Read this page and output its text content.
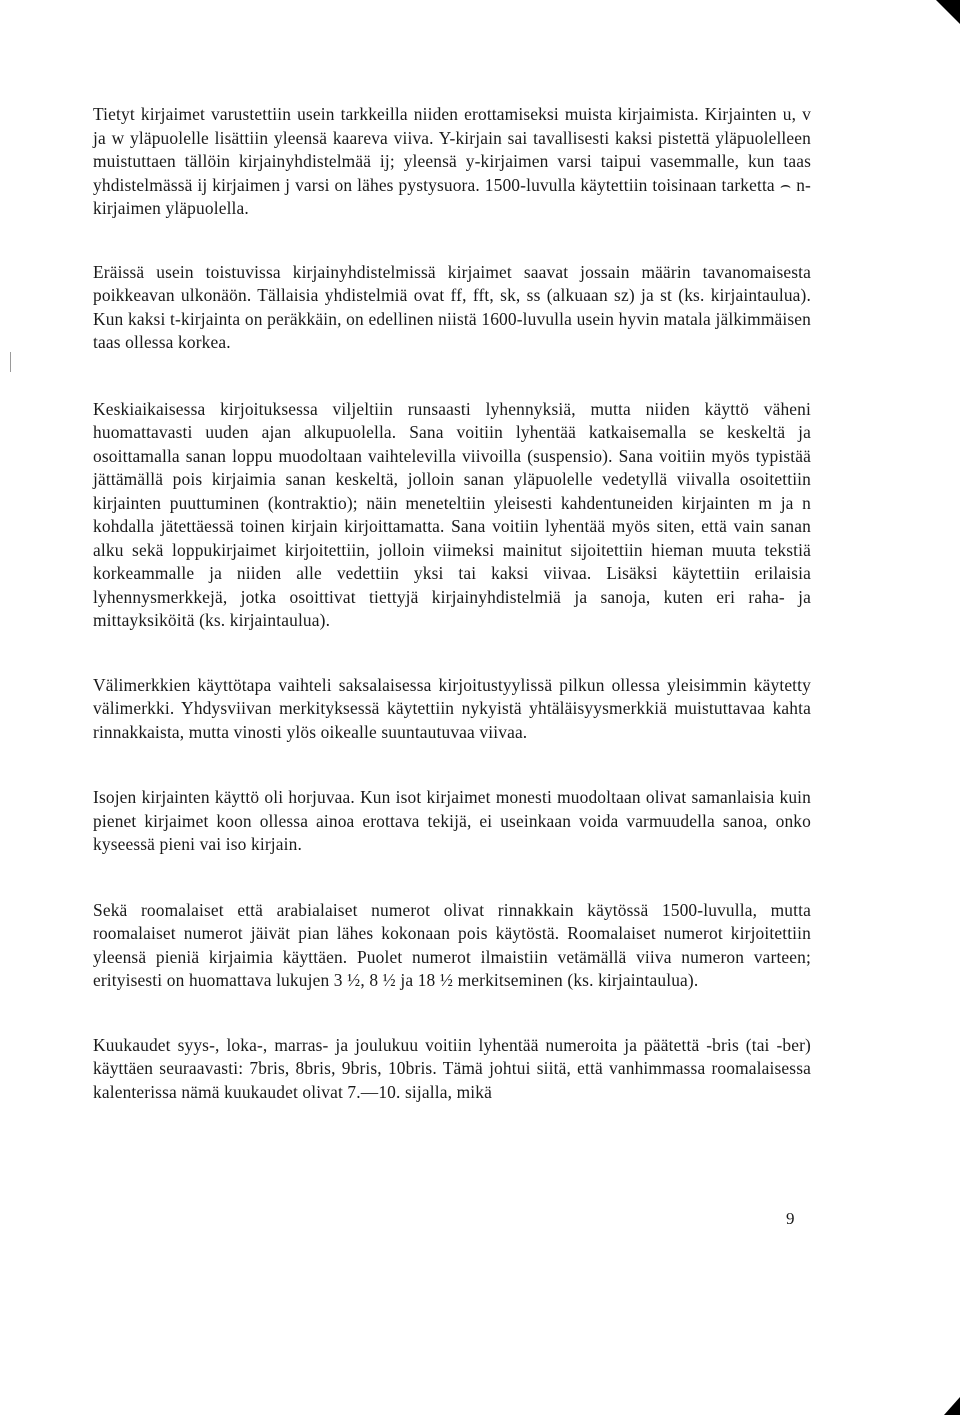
Tietyt kirjaimet varustettiin usein tarkkeilla niiden erottamiseksi muista kirjaimista. Kirjainten u, v ja w yläpuolelle lisättiin yleensä kaareva viiva. Y-kirjain sai tavallisesti kaksi pistettä yläpuolelleen muistuttaen tällöin kirjainyhdistelmää ij; yleensä y-kirjaimen varsi taipui vasemmalle, kun taas yhdistelmässä ij kirjaimen j varsi on lähes pystysuora. 1500-luvulla käytettiin toisinaan tarketta ⌢ n-kirjaimen yläpuolella.

Eräissä usein toistuvissa kirjainyhdistelmissä kirjaimet saavat jossain määrin tavanomaisesta poikkeavan ulkonäön. Tällaisia yhdistelmiä ovat ff, fft, sk, ss (alkuaan sz) ja st (ks. kirjaintaulua). Kun kaksi t-kirjainta on peräkkäin, on edellinen niistä 1600-luvulla usein hyvin matala jälkimmäisen taas ollessa korkea.

Keskiaikaisessa kirjoituksessa viljeltiin runsaasti lyhennyksiä, mutta niiden käyttö väheni huomattavasti uuden ajan alkupuolella. Sana voitiin lyhentää katkaisemalla se keskeltä ja osoittamalla sanan loppu muodoltaan vaihtelevilla viivoilla (suspensio). Sana voitiin myös typistää jättämällä pois kirjaimia sanan keskeltä, jolloin sanan yläpuolelle vedetyllä viivalla osoitettiin kirjainten puuttuminen (kontraktio); näin meneteltiin yleisesti kahdentuneiden kirjainten m ja n kohdalla jätettäessä toinen kirjain kirjoittamatta. Sana voitiin lyhentää myös siten, että vain sanan alku sekä loppukirjaimet kirjoitettiin, jolloin viimeksi mainitut sijoitettiin hieman muuta tekstiä korkeammalle ja niiden alle vedettiin yksi tai kaksi viivaa. Lisäksi käytettiin erilaisia lyhennysmerkkejä, jotka osoittivat tiettyjä kirjainyhdistelmiä ja sanoja, kuten eri raha- ja mittayksiköitä (ks. kirjaintaulua).

Välimerkkien käyttötapa vaihteli saksalaisessa kirjoitustyylissä pilkun ollessa yleisimmin käytetty välimerkki. Yhdysviivan merkityksessä käytettiin nykyistä yhtäläisyysmerkkiä muistuttavaa kahta rinnakkaista, mutta vinosti ylös oikealle suuntautuvaa viivaa.

Isojen kirjainten käyttö oli horjuvaa. Kun isot kirjaimet monesti muodoltaan olivat samanlaisia kuin pienet kirjaimet koon ollessa ainoa erottava tekijä, ei useinkaan voida varmuudella sanoa, onko kyseessä pieni vai iso kirjain.

Sekä roomalaiset että arabialaiset numerot olivat rinnakkain käytössä 1500-luvulla, mutta roomalaiset numerot jäivät pian lähes kokonaan pois käytöstä. Roomalaiset numerot kirjoitettiin yleensä pieniä kirjaimia käyttäen. Puolet numerot ilmaistiin vetämällä viiva numeron varteen; erityisesti on huomattava lukujen 3 ½, 8 ½ ja 18 ½ merkitseminen (ks. kirjaintaulua).

Kuukaudet syys-, loka-, marras- ja joulukuu voitiin lyhentää numeroita ja päätettä -bris (tai -ber) käyttäen seuraavasti: 7bris, 8bris, 9bris, 10bris. Tämä johtui siitä, että vanhimmassa roomalaisessa kalenterissa nämä kuukaudet olivat 7.—10. sijalla, mikä

9
